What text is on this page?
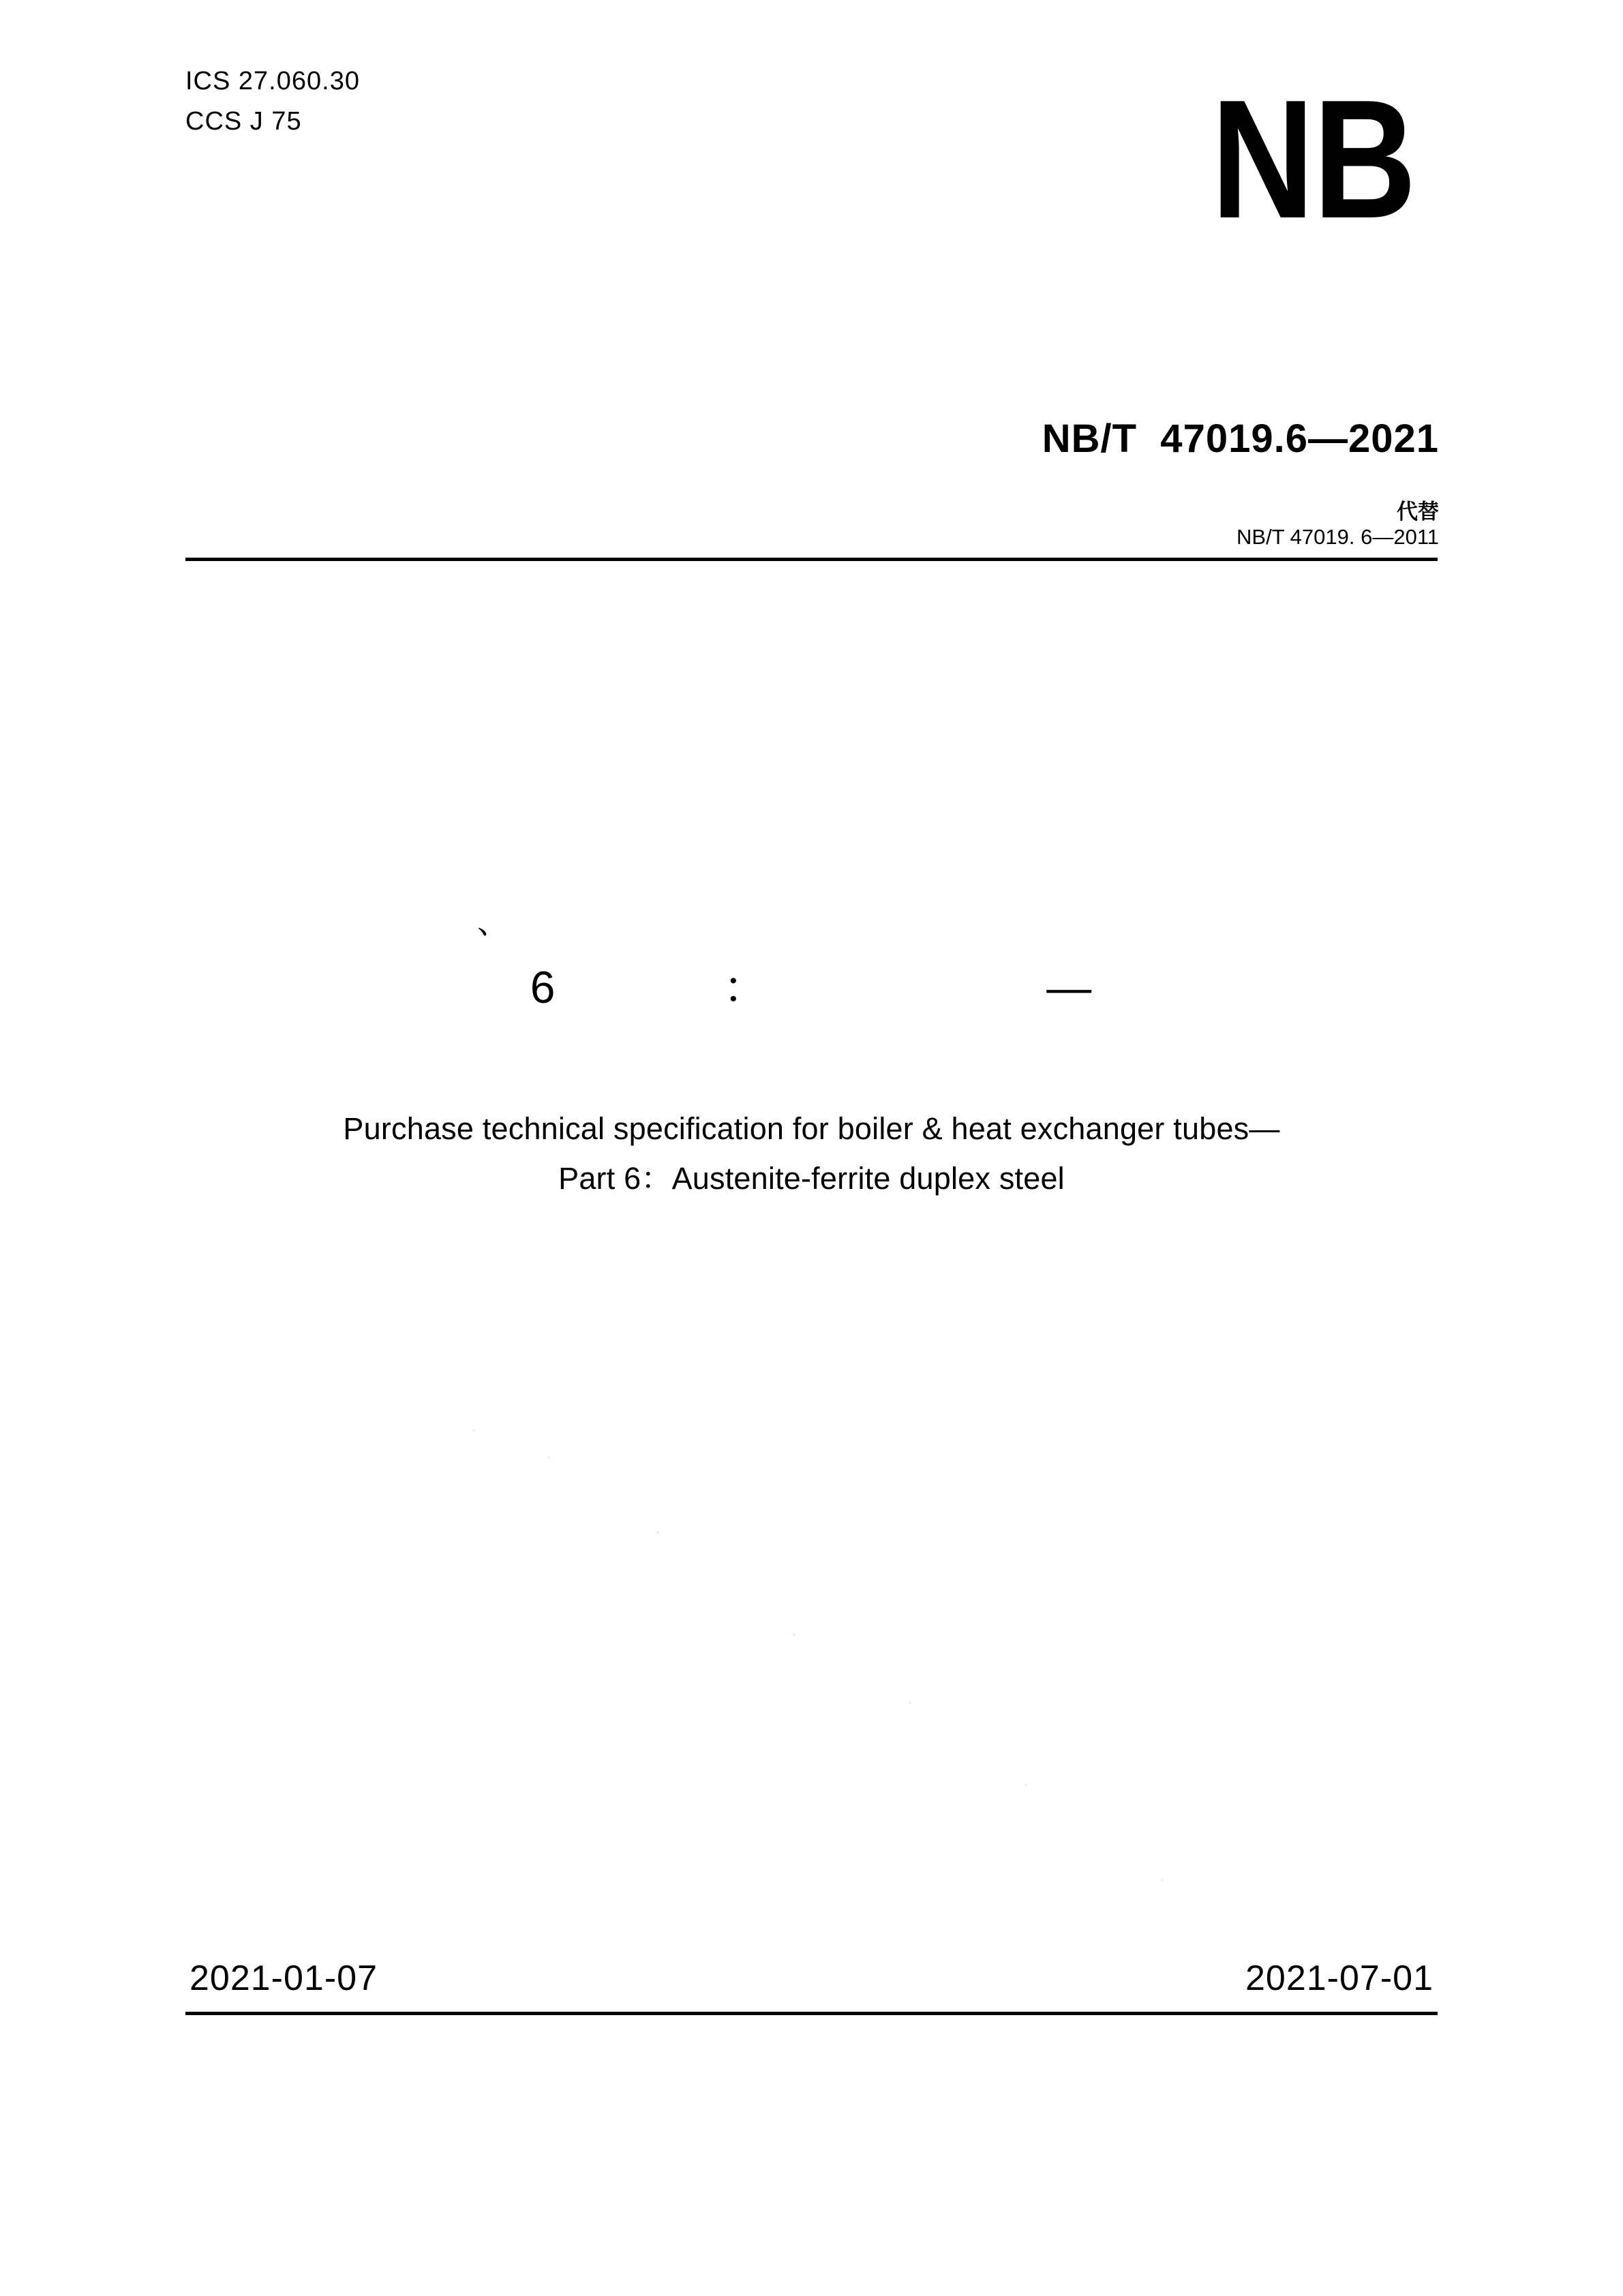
ICS 27.060.30
CCS J 75	NB
NB/T  47019.6—2021

代替
NB/T 47019. 6—2011

、
6            ：                    —
Purchase technical specification for boiler & heat exchanger tubes—
Part 6：Austenite-ferrite duplex steel
·
·
·
·
·
·
·
2021-01-07	2021-07-01
